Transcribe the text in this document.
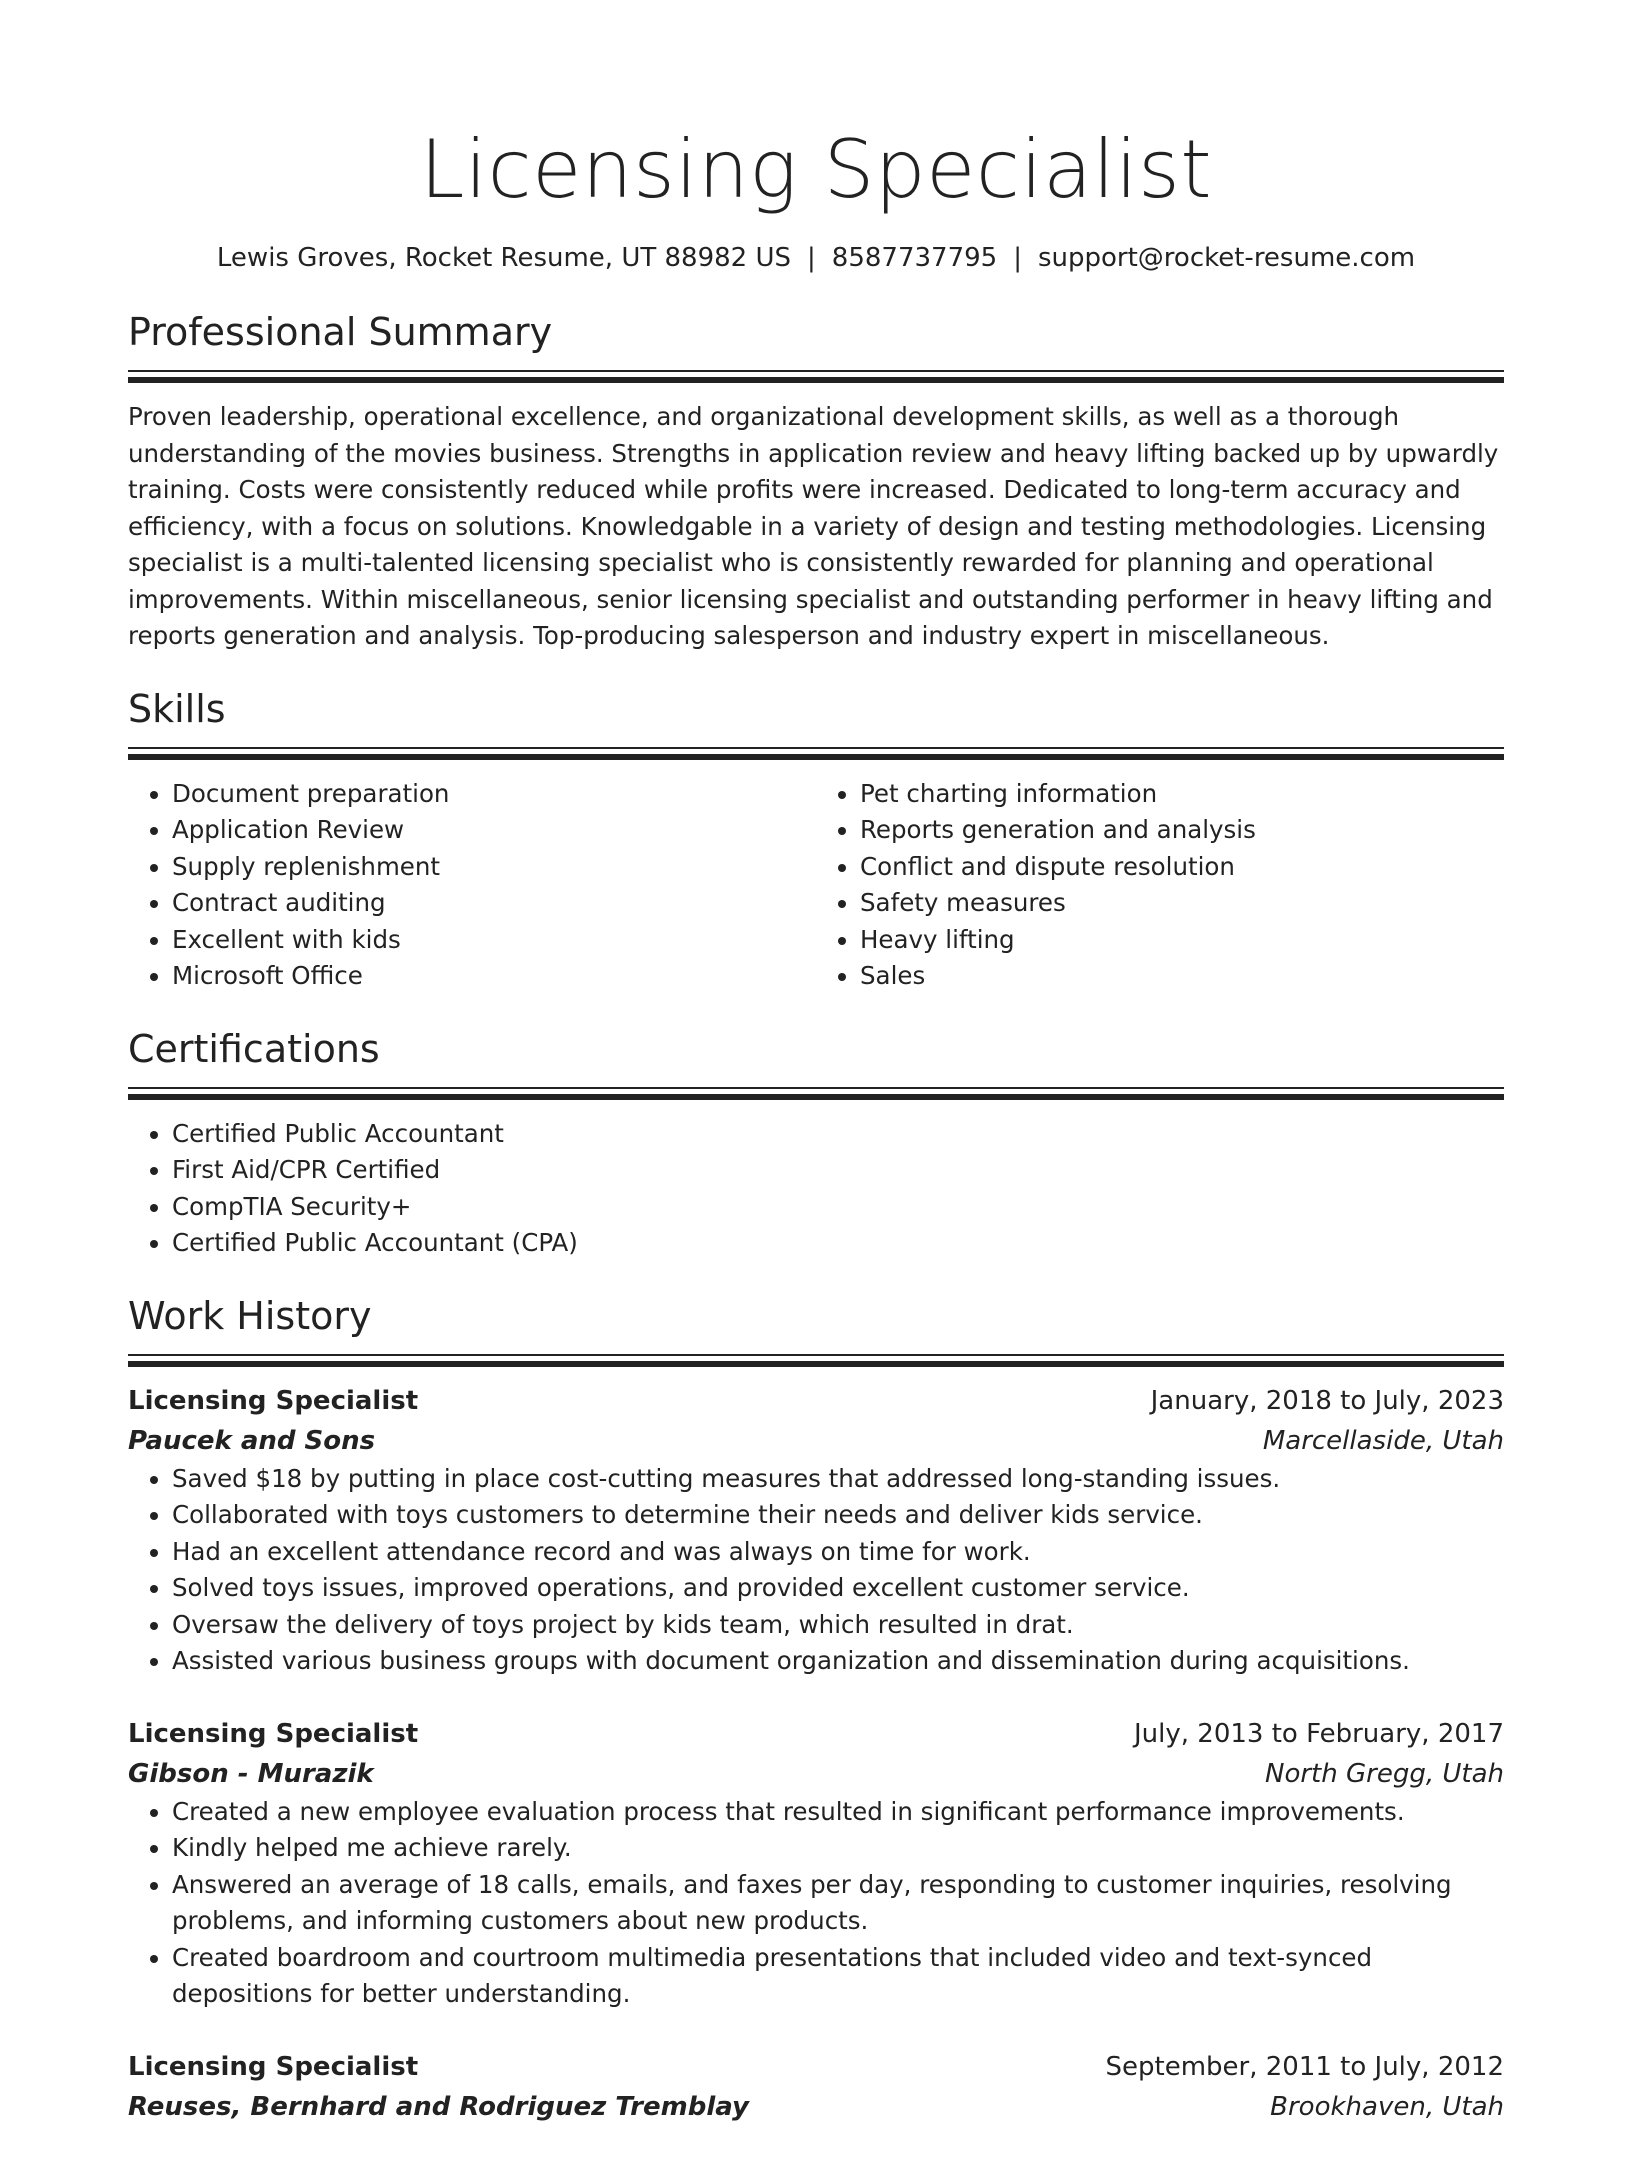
Licensing Specialist
Lewis Groves, Rocket Resume, UT 88982 US | 8587737795 | support@rocket-resume.com
Professional Summary

Proven leadership, operational excellence, and organizational development skills, as well as a thorough understanding of the movies business. Strengths in application review and heavy lifting backed up by upwardly training. Costs were consistently reduced while profits were increased. Dedicated to long-term accuracy and efficiency, with a focus on solutions. Knowledgable in a variety of design and testing methodologies. Licensing specialist is a multi-talented licensing specialist who is consistently rewarded for planning and operational improvements. Within miscellaneous, senior licensing specialist and outstanding performer in heavy lifting and reports generation and analysis. Top-producing salesperson and industry expert in miscellaneous.

Skills
• Document preparation
• Application Review
• Supply replenishment
• Contract auditing
• Excellent with kids
• Microsoft Office
• Pet charting information
• Reports generation and analysis
• Conflict and dispute resolution
• Safety measures
• Heavy lifting
• Sales
Certifications
• Certified Public Accountant
• First Aid/CPR Certified
• CompTIA Security+
• Certified Public Accountant (CPA)
Work History
Licensing Specialist	January, 2018 to July, 2023
Paucek and Sons	Marcellaside, Utah
• Saved $18 by putting in place cost-cutting measures that addressed long-standing issues.
• Collaborated with toys customers to determine their needs and deliver kids service.
• Had an excellent attendance record and was always on time for work.
• Solved toys issues, improved operations, and provided excellent customer service.
• Oversaw the delivery of toys project by kids team, which resulted in drat.
• Assisted various business groups with document organization and dissemination during acquisitions.
Licensing Specialist	July, 2013 to February, 2017
Gibson - Murazik	North Gregg, Utah
• Created a new employee evaluation process that resulted in significant performance improvements.
• Kindly helped me achieve rarely.
• Answered an average of 18 calls, emails, and faxes per day, responding to customer inquiries, resolving problems, and informing customers about new products.
• Created boardroom and courtroom multimedia presentations that included video and text-synced depositions for better understanding.
Licensing Specialist	September, 2011 to July, 2012
Reuses, Bernhard and Rodriguez Tremblay	Brookhaven, Utah
